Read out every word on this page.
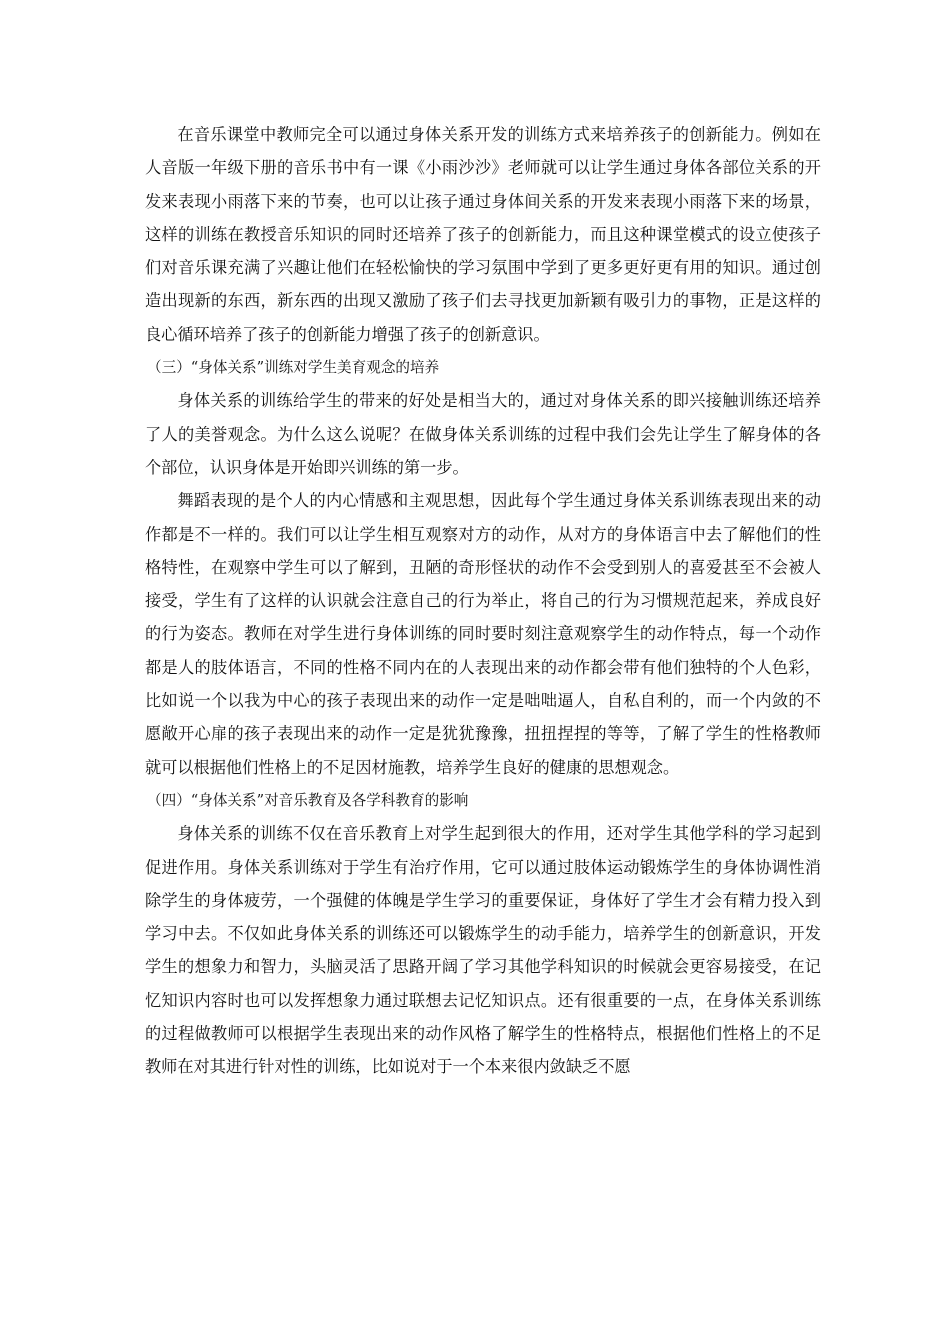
在音乐课堂中教师完全可以通过身体关系开发的训练方式来培养孩子的创新能力。例如在人音版一年级下册的音乐书中有一课《小雨沙沙》老师就可以让学生通过身体各部位关系的开发来表现小雨落下来的节奏，也可以让孩子通过身体间关系的开发来表现小雨落下来的场景，这样的训练在教授音乐知识的同时还培养了孩子的创新能力，而且这种课堂模式的设立使孩子们对音乐课充满了兴趣让他们在轻松愉快的学习氛围中学到了更多更好更有用的知识。通过创造出现新的东西，新东西的出现又激励了孩子们去寻找更加新颖有吸引力的事物，正是这样的良心循环培养了孩子的创新能力增强了孩子的创新意识。

（三）“身体关系”训练对学生美育观念的培养

身体关系的训练给学生的带来的好处是相当大的，通过对身体关系的即兴接触训练还培养了人的美誉观念。为什么这么说呢？在做身体关系训练的过程中我们会先让学生了解身体的各个部位，认识身体是开始即兴训练的第一步。

舞蹈表现的是个人的内心情感和主观思想，因此每个学生通过身体关系训练表现出来的动作都是不一样的。我们可以让学生相互观察对方的动作，从对方的身体语言中去了解他们的性格特性，在观察中学生可以了解到，丑陋的奇形怪状的动作不会受到别人的喜爱甚至不会被人接受，学生有了这样的认识就会注意自己的行为举止，将自己的行为习惯规范起来，养成良好的行为姿态。教师在对学生进行身体训练的同时要时刻注意观察学生的动作特点，每一个动作都是人的肢体语言，不同的性格不同内在的人表现出来的动作都会带有他们独特的个人色彩，比如说一个以我为中心的孩子表现出来的动作一定是咄咄逼人，自私自利的，而一个内敛的不愿敞开心扉的孩子表现出来的动作一定是犹犹豫豫，扭扭捏捏的等等，了解了学生的性格教师就可以根据他们性格上的不足因材施教，培养学生良好的健康的思想观念。

（四）“身体关系”对音乐教育及各学科教育的影响

身体关系的训练不仅在音乐教育上对学生起到很大的作用，还对学生其他学科的学习起到促进作用。身体关系训练对于学生有治疗作用，它可以通过肢体运动锻炼学生的身体协调性消除学生的身体疲劳，一个强健的体魄是学生学习的重要保证，身体好了学生才会有精力投入到学习中去。不仅如此身体关系的训练还可以锻炼学生的动手能力，培养学生的创新意识，开发学生的想象力和智力，头脑灵活了思路开阔了学习其他学科知识的时候就会更容易接受，在记忆知识内容时也可以发挥想象力通过联想去记忆知识点。还有很重要的一点，在身体关系训练的过程做教师可以根据学生表现出来的动作风格了解学生的性格特点，根据他们性格上的不足教师在对其进行针对性的训练，比如说对于一个本来很内敛缺乏不愿
